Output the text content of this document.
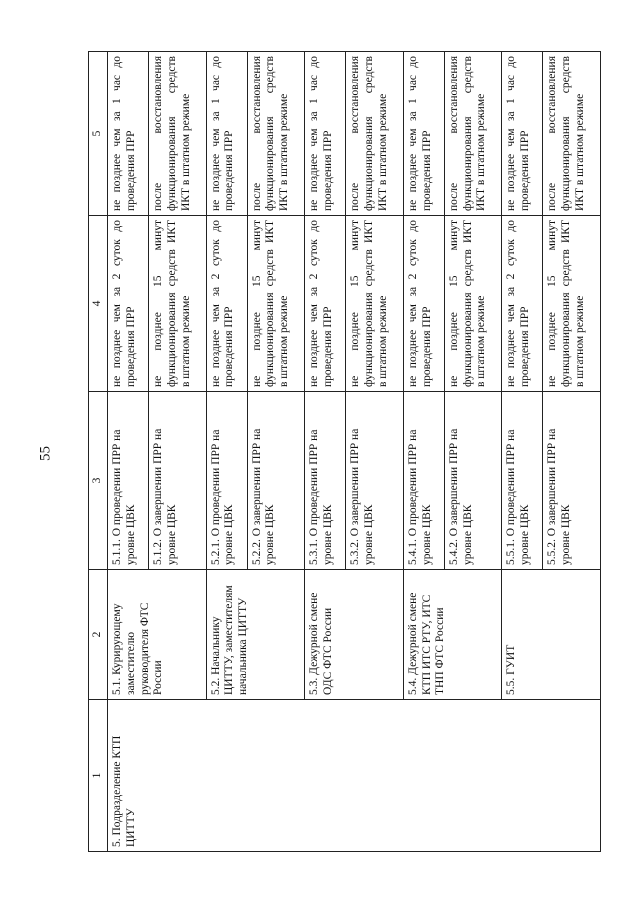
55
1	2	3	4	5
5. Подразделение КТП ЦИТТУ	5.1. Курирующему заместителю руководителя ФТС России	5.1.1. О проведении ПРР на уровне ЦВК	не позднее чем за 2 суток до проведения ПРР	не позднее чем за 1 час до проведения ПРР
		5.1.2. О завершении ПРР на уровне ЦВК	не позднее 15 минут функционирования средств ИКТ в штатном режиме	после восстановления функционирования средств ИКТ в штатном режиме
	5.2. Начальнику ЦИТТУ, заместителям начальника ЦИТТУ	5.2.1. О проведении ПРР на уровне ЦВК	не позднее чем за 2 суток до проведения ПРР	не позднее чем за 1 час до проведения ПРР
		5.2.2. О завершении ПРР на уровне ЦВК	не позднее 15 минут функционирования средств ИКТ в штатном режиме	после восстановления функционирования средств ИКТ в штатном режиме
	5.3. Дежурной смене ОДС ФТС России	5.3.1. О проведении ПРР на уровне ЦВК	не позднее чем за 2 суток до проведения ПРР	не позднее чем за 1 час до проведения ПРР
		5.3.2. О завершении ПРР на уровне ЦВК	не позднее 15 минут функционирования средств ИКТ в штатном режиме	после восстановления функционирования средств ИКТ в штатном режиме
	5.4. Дежурной смене КТП ИТС РТУ, ИТС ТНП ФТС России	5.4.1. О проведении ПРР на уровне ЦВК	не позднее чем за 2 суток до проведения ПРР	не позднее чем за 1 час до проведения ПРР
		5.4.2. О завершении ПРР на уровне ЦВК	не позднее 15 минут функционирования средств ИКТ в штатном режиме	после восстановления функционирования средств ИКТ в штатном режиме
	5.5. ГУИТ	5.5.1. О проведении ПРР на уровне ЦВК	не позднее чем за 2 суток до проведения ПРР	не позднее чем за 1 час до проведения ПРР
		5.5.2. О завершении ПРР на уровне ЦВК	не позднее 15 минут функционирования средств ИКТ в штатном режиме	после восстановления функционирования средств ИКТ в штатном режиме
